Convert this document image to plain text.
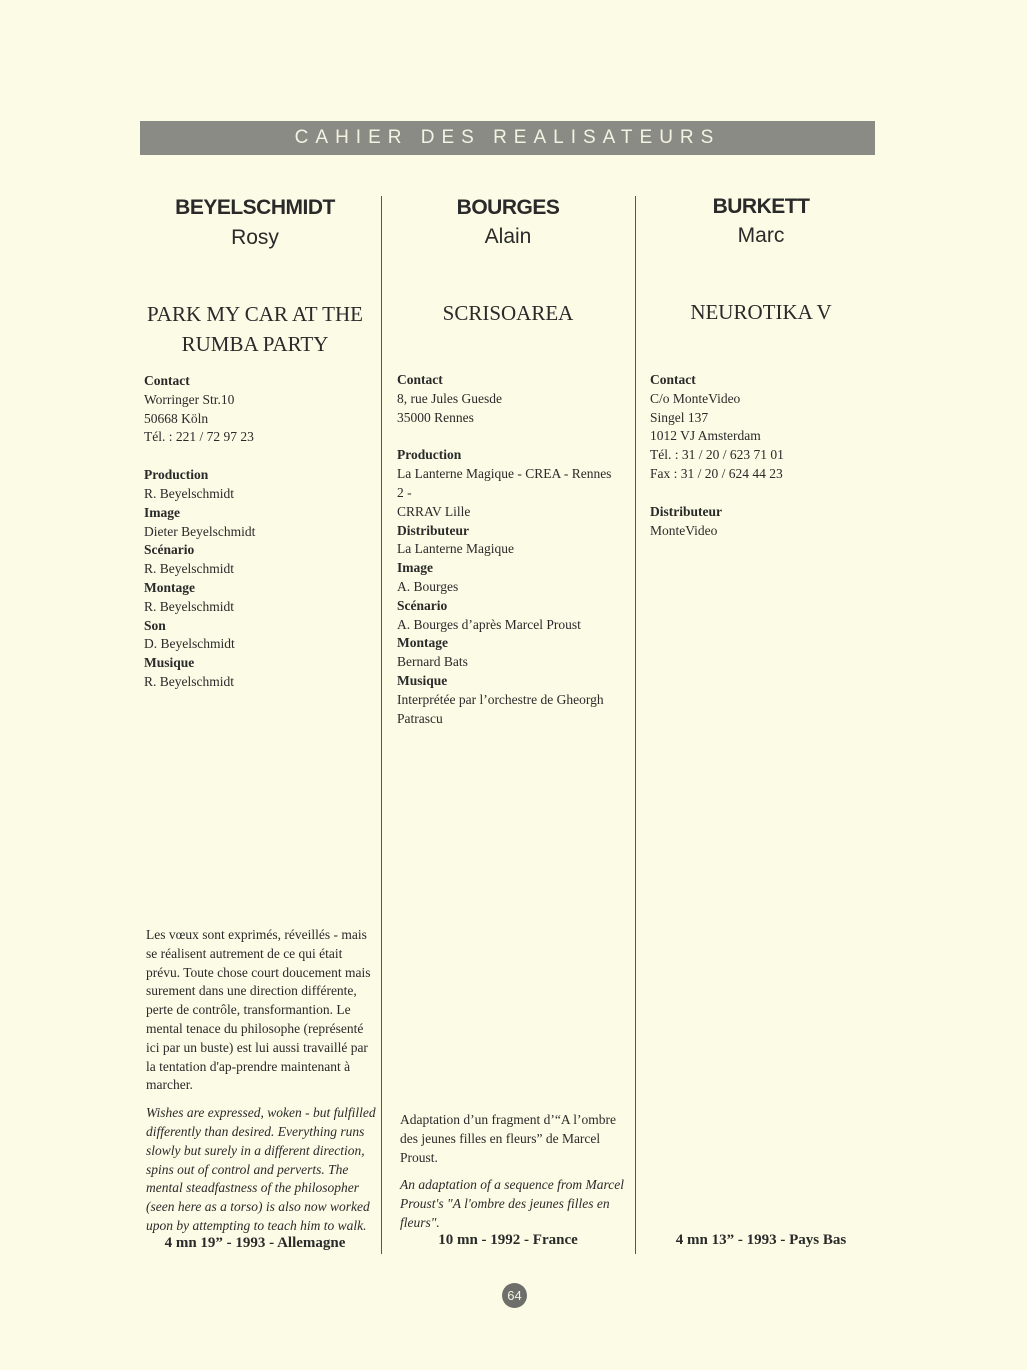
CAHIER DES REALISATEURS
BEYELSCHMIDT
Rosy
PARK MY CAR AT THE
RUMBA PARTY
Contact
Worringer Str.10
50668 Köln
Tél. : 221 / 72 97 23
Production
R. Beyelschmidt
Image
Dieter Beyelschmidt
Scénario
R. Beyelschmidt
Montage
R. Beyelschmidt
Son
D. Beyelschmidt
Musique
R. Beyelschmidt
Les vœux sont exprimés, réveillés - mais se réalisent autrement de ce qui était prévu. Toute chose court doucement mais surement dans une direction différente, perte de contrôle, transformantion. Le mental tenace du philosophe (représenté ici par un buste) est lui aussi travaillé par la tentation d'ap-prendre maintenant à marcher.
Wishes are expressed, woken - but fulfilled differently than desired. Everything runs slowly but surely in a different direction, spins out of control and perverts. The mental steadfastness of the philosopher (seen here as a torso) is also now worked upon by attempting to teach him to walk.
4 mn 19” - 1993 - Allemagne
BOURGES
Alain
SCRISOAREA
Contact
8, rue Jules Guesde
35000 Rennes
Production
La Lanterne Magique - CREA - Rennes 2 -
CRRAV Lille
Distributeur
La Lanterne Magique
Image
A. Bourges
Scénario
A. Bourges d’après Marcel Proust
Montage
Bernard Bats
Musique
Interprétée par l’orchestre de Gheorgh
Patrascu
Adaptation d’un fragment d’“A l’ombre des jeunes filles en fleurs” de Marcel Proust.
An adaptation of a sequence from Marcel Proust's "A l'ombre des jeunes filles en fleurs".
10 mn - 1992 - France
BURKETT
Marc
NEUROTIKA V
Contact
C/o MonteVideo
Singel 137
1012 VJ Amsterdam
Tél. : 31 / 20 / 623 71 01
Fax : 31 / 20 / 624 44 23
Distributeur
MonteVideo
4 mn 13” - 1993 - Pays Bas
64
